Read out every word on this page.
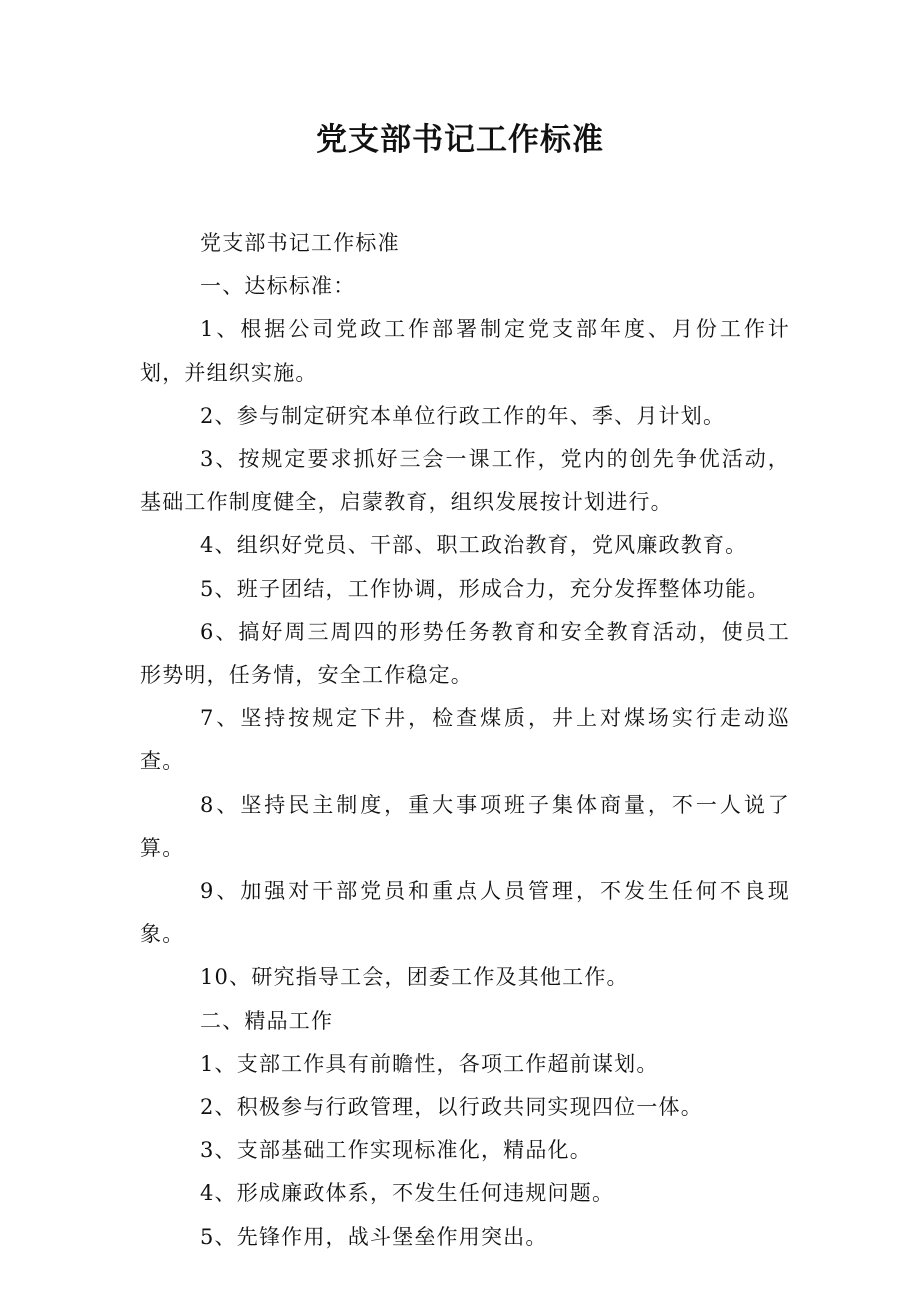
党支部书记工作标准

党支部书记工作标准

一、达标标准：

1、根据公司党政工作部署制定党支部年度、月份工作计划，并组织实施。

2、参与制定研究本单位行政工作的年、季、月计划。

3、按规定要求抓好三会一课工作，党内的创先争优活动，基础工作制度健全，启蒙教育，组织发展按计划进行。

4、组织好党员、干部、职工政治教育，党风廉政教育。

5、班子团结，工作协调，形成合力，充分发挥整体功能。

6、搞好周三周四的形势任务教育和安全教育活动，使员工形势明，任务情，安全工作稳定。

7、坚持按规定下井，检查煤质，井上对煤场实行走动巡查。

8、坚持民主制度，重大事项班子集体商量，不一人说了算。

9、加强对干部党员和重点人员管理，不发生任何不良现象。

10、研究指导工会，团委工作及其他工作。

二、精品工作

1、支部工作具有前瞻性，各项工作超前谋划。

2、积极参与行政管理，以行政共同实现四位一体。

3、支部基础工作实现标准化，精品化。

4、形成廉政体系，不发生任何违规问题。

5、先锋作用，战斗堡垒作用突出。
